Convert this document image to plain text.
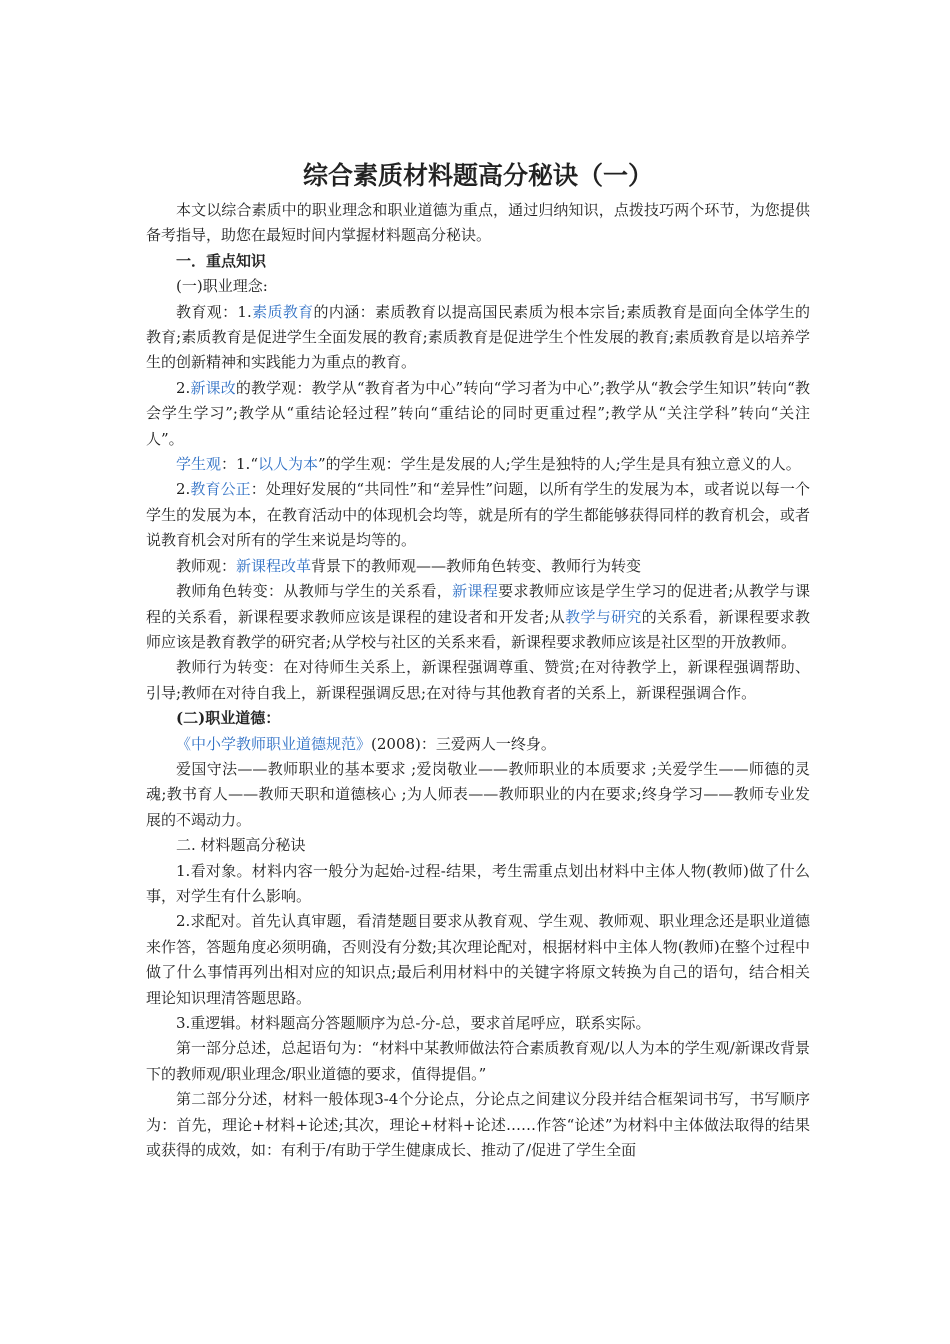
综合素质材料题高分秘诀（一）

本文以综合素质中的职业理念和职业道德为重点，通过归纳知识，点拨技巧两个环节，为您提供备考指导，助您在最短时间内掌握材料题高分秘诀。

一．重点知识

(一)职业理念:

教育观：1.素质教育的内涵：素质教育以提高国民素质为根本宗旨;素质教育是面向全体学生的教育;素质教育是促进学生全面发展的教育;素质教育是促进学生个性发展的教育;素质教育是以培养学生的创新精神和实践能力为重点的教育。

2.新课改的教学观：教学从“教育者为中心”转向“学习者为中心”;教学从“教会学生知识”转向“教会学生学习”;教学从“重结论轻过程”转向“重结论的同时更重过程”;教学从“关注学科”转向“关注人”。

学生观：1.“以人为本”的学生观：学生是发展的人;学生是独特的人;学生是具有独立意义的人。

2.教育公正：处理好发展的“共同性”和“差异性”问题，以所有学生的发展为本，或者说以每一个学生的发展为本，在教育活动中的体现机会均等，就是所有的学生都能够获得同样的教育机会，或者说教育机会对所有的学生来说是均等的。

教师观：新课程改革背景下的教师观——教师角色转变、教师行为转变

教师角色转变：从教师与学生的关系看，新课程要求教师应该是学生学习的促进者;从教学与课程的关系看，新课程要求教师应该是课程的建设者和开发者;从教学与研究的关系看，新课程要求教师应该是教育教学的研究者;从学校与社区的关系来看，新课程要求教师应该是社区型的开放教师。

教师行为转变：在对待师生关系上，新课程强调尊重、赞赏;在对待教学上，新课程强调帮助、引导;教师在对待自我上，新课程强调反思;在对待与其他教育者的关系上，新课程强调合作。

(二)职业道德：

《中小学教师职业道德规范》(2008)：三爱两人一终身。

爱国守法——教师职业的基本要求 ;爱岗敬业——教师职业的本质要求 ;关爱学生——师德的灵魂;教书育人——教师天职和道德核心 ;为人师表——教师职业的内在要求;终身学习——教师专业发展的不竭动力。

二. 材料题高分秘诀

1.看对象。材料内容一般分为起始-过程-结果，考生需重点划出材料中主体人物(教师)做了什么事，对学生有什么影响。

2.求配对。首先认真审题，看清楚题目要求从教育观、学生观、教师观、职业理念还是职业道德来作答，答题角度必须明确，否则没有分数;其次理论配对，根据材料中主体人物(教师)在整个过程中做了什么事情再列出相对应的知识点;最后利用材料中的关键字将原文转换为自己的语句，结合相关理论知识理清答题思路。

3.重逻辑。材料题高分答题顺序为总-分-总，要求首尾呼应，联系实际。

第一部分总述，总起语句为：“材料中某教师做法符合素质教育观/以人为本的学生观/新课改背景下的教师观/职业理念/职业道德的要求，值得提倡。”

第二部分分述，材料一般体现3-4个分论点，分论点之间建议分段并结合框架词书写，书写顺序为：首先，理论+材料+论述;其次，理论+材料+论述……作答“论述”为材料中主体做法取得的结果或获得的成效，如：有利于/有助于学生健康成长、推动了/促进了学生全面
